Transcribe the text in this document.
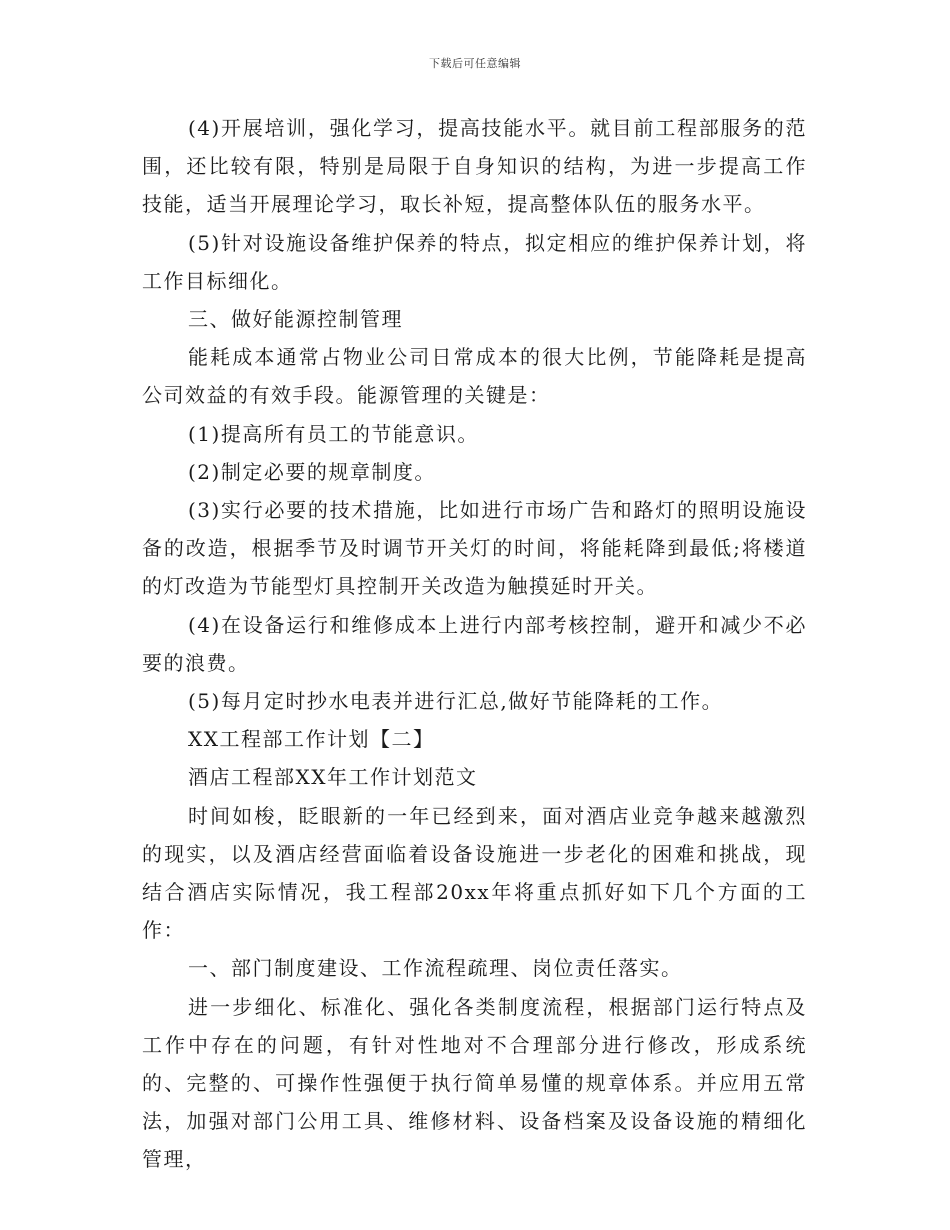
下载后可任意编辑

(4)开展培训，强化学习，提高技能水平。就目前工程部服务的范围，还比较有限，特别是局限于自身知识的结构，为进一步提高工作技能，适当开展理论学习，取长补短，提高整体队伍的服务水平。

(5)针对设施设备维护保养的特点，拟定相应的维护保养计划，将工作目标细化。

三、做好能源控制管理

能耗成本通常占物业公司日常成本的很大比例，节能降耗是提高公司效益的有效手段。能源管理的关键是：

(1)提高所有员工的节能意识。

(2)制定必要的规章制度。

(3)实行必要的技术措施，比如进行市场广告和路灯的照明设施设备的改造，根据季节及时调节开关灯的时间，将能耗降到最低;将楼道的灯改造为节能型灯具控制开关改造为触摸延时开关。

(4)在设备运行和维修成本上进行内部考核控制，避开和减少不必要的浪费。

(5)每月定时抄水电表并进行汇总,做好节能降耗的工作。

XX工程部工作计划【二】

酒店工程部XX年工作计划范文

时间如梭，眨眼新的一年已经到来，面对酒店业竞争越来越激烈的现实，以及酒店经营面临着设备设施进一步老化的困难和挑战，现结合酒店实际情况，我工程部20xx年将重点抓好如下几个方面的工作：

一、部门制度建设、工作流程疏理、岗位责任落实。

进一步细化、标准化、强化各类制度流程，根据部门运行特点及工作中存在的问题，有针对性地对不合理部分进行修改，形成系统的、完整的、可操作性强便于执行简单易懂的规章体系。并应用五常法，加强对部门公用工具、维修材料、设备档案及设备设施的精细化管理，
